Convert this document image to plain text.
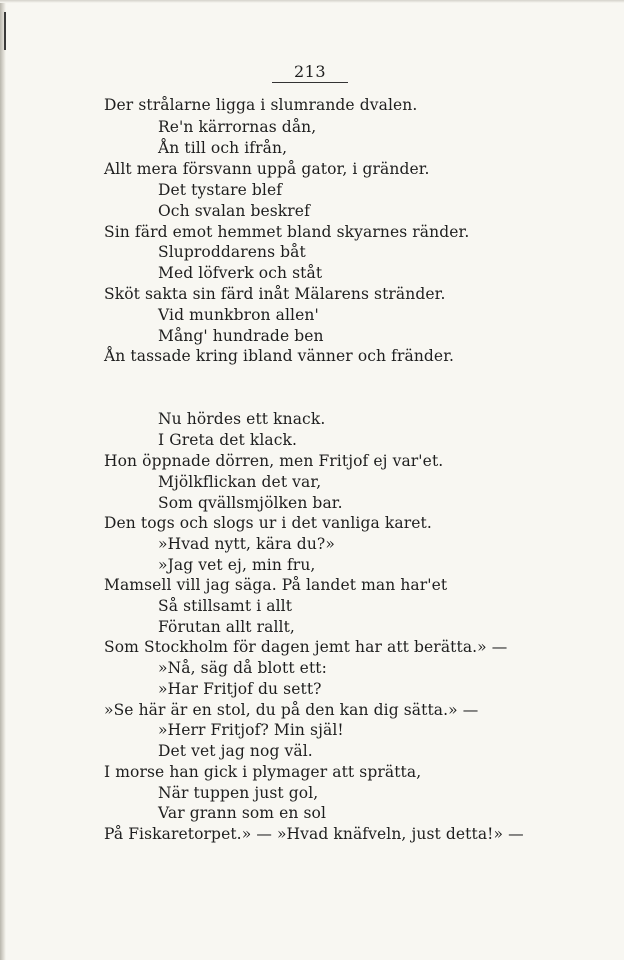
213
Der strålarne ligga i slumrande dvalen.
Re'n kärrornas dån,
Ån till och ifrån,
Allt mera försvann uppå gator, i gränder.
Det tystare blef
Och svalan beskref
Sin färd emot hemmet bland skyarnes ränder.
Sluproddarens båt
Med löfverk och ståt
Sköt sakta sin färd inåt Mälarens stränder.
Vid munkbron allen'
Mång' hundrade ben
Ån tassade kring ibland vänner och fränder.
Nu hördes ett knack.
I Greta det klack.
Hon öppnade dörren, men Fritjof ej var'et.
Mjölkflickan det var,
Som qvällsmjölken bar.
Den togs och slogs ur i det vanliga karet.
»Hvad nytt, kära du?»
»Jag vet ej, min fru,
Mamsell vill jag säga. På landet man har'et
Så stillsamt i allt
Förutan allt rallt,
Som Stockholm för dagen jemt har att berätta.» —
»Nå, säg då blott ett:
»Har Fritjof du sett?
»Se här är en stol, du på den kan dig sätta.» —
»Herr Fritjof? Min själ!
Det vet jag nog väl.
I morse han gick i plymager att sprätta,
När tuppen just gol,
Var grann som en sol
På Fiskaretorpet.» — »Hvad knäfveln, just detta!» —
